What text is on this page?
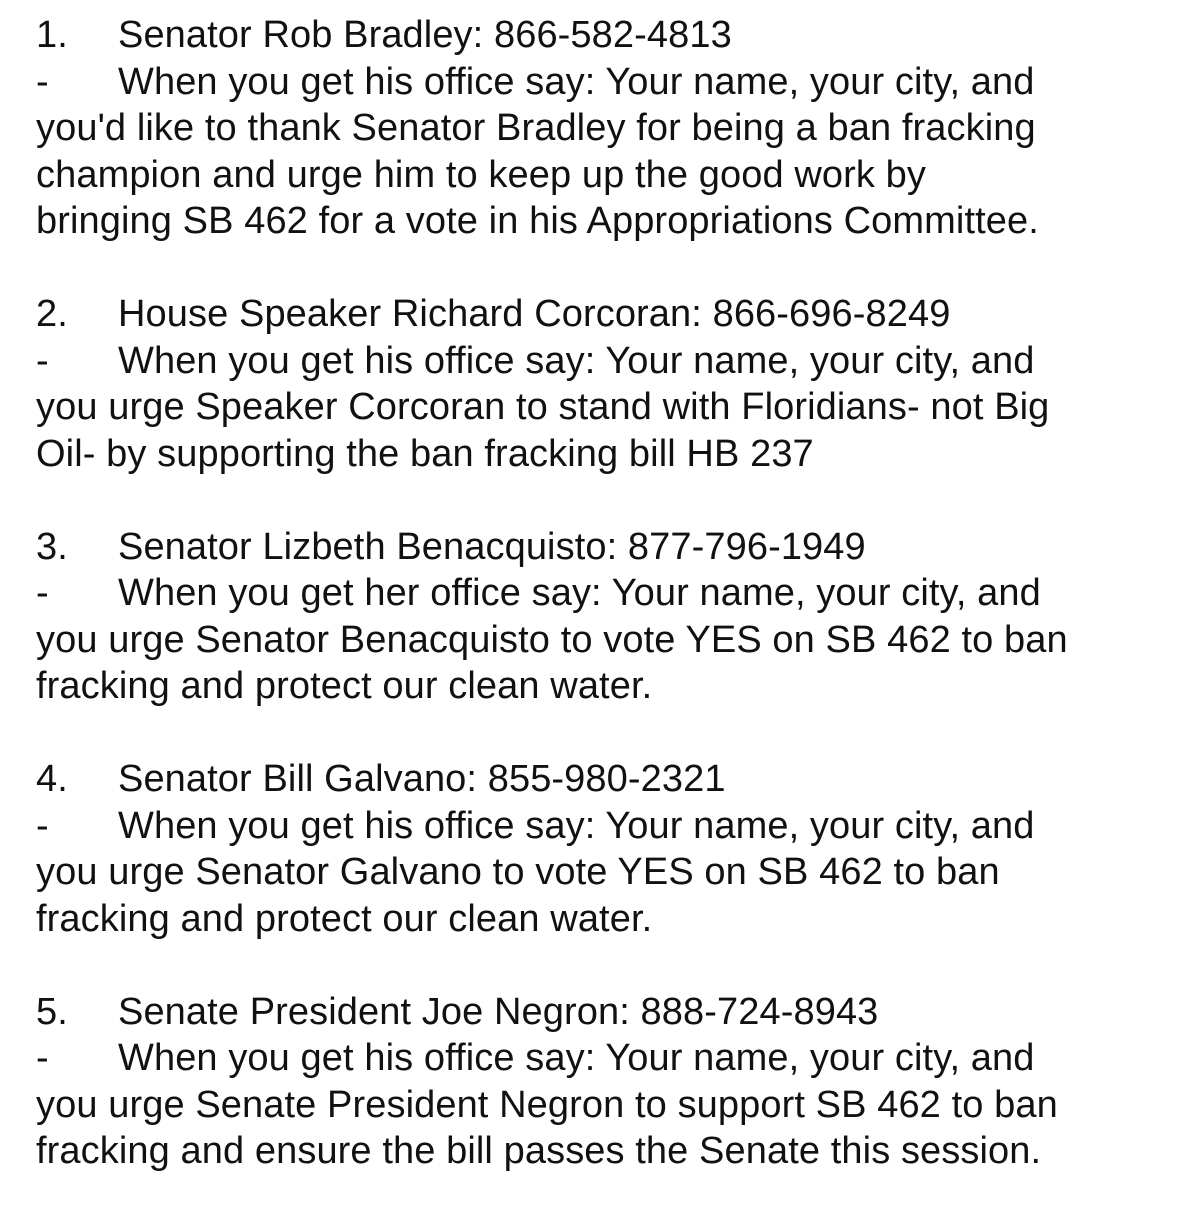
1. Senator Rob Bradley: 866-582-4813
- When you get his office say: Your name, your city, and
you'd like to thank Senator Bradley for being a ban fracking
champion and urge him to keep up the good work by
bringing SB 462 for a vote in his Appropriations Committee.
2. House Speaker Richard Corcoran: 866-696-8249
- When you get his office say: Your name, your city, and
you urge Speaker Corcoran to stand with Floridians- not Big
Oil- by supporting the ban fracking bill HB 237
3. Senator Lizbeth Benacquisto: 877-796-1949
- When you get her office say: Your name, your city, and
you urge Senator Benacquisto to vote YES on SB 462 to ban
fracking and protect our clean water.
4. Senator Bill Galvano: 855-980-2321
- When you get his office say: Your name, your city, and
you urge Senator Galvano to vote YES on SB 462 to ban
fracking and protect our clean water.
5. Senate President Joe Negron: 888-724-8943
- When you get his office say: Your name, your city, and
you urge Senate President Negron to support SB 462 to ban
fracking and ensure the bill passes the Senate this session.
